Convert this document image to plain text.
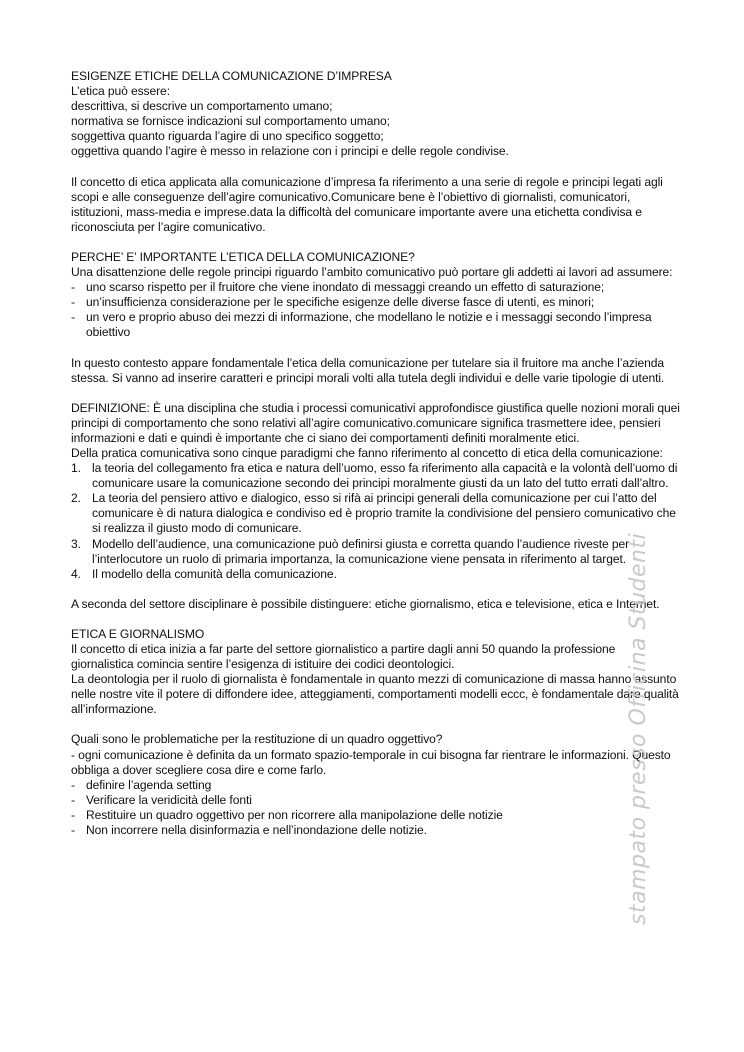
ESIGENZE ETICHE DELLA COMUNICAZIONE D’IMPRESA

L’etica può essere:

descrittiva, si descrive un comportamento umano;

normativa se fornisce indicazioni sul comportamento umano;

soggettiva quanto riguarda l’agire di uno specifico soggetto;

oggettiva quando l’agire è messo in relazione con i principi e delle regole condivise.

Il concetto di etica applicata alla comunicazione d’impresa fa riferimento a una serie di regole e principi legati agli scopi e alle conseguenze dell’agire comunicativo.Comunicare bene è l’obiettivo di giornalisti, comunicatori, istituzioni, mass-media e imprese.data la difficoltà del comunicare importante avere una etichetta condivisa e riconosciuta per l’agire comunicativo.

PERCHE’ E’ IMPORTANTE L’ETICA DELLA COMUNICAZIONE?

Una disattenzione delle regole principi riguardo l’ambito comunicativo può portare gli addetti ai lavori ad assumere:

- uno scarso rispetto per il fruitore che viene inondato di messaggi creando un effetto di saturazione;
- un’insufficienza considerazione per le specifiche esigenze delle diverse fasce di utenti, es minori;
- un vero e proprio abuso dei mezzi di informazione, che modellano le notizie e i messaggi secondo l’impresa obiettivo

In questo contesto appare fondamentale l’etica della comunicazione per tutelare sia il fruitore ma anche l’azienda stessa. Si vanno ad inserire caratteri e principi morali volti alla tutela degli individui e delle varie tipologie di utenti.

DEFINIZIONE: È una disciplina che studia i processi comunicativi approfondisce giustifica quelle nozioni morali quei principi di comportamento che sono relativi all’agire comunicativo.comunicare significa trasmettere idee, pensieri informazioni e dati e quindi è importante che ci siano dei comportamenti definiti moralmente etici.

Della pratica comunicativa sono cinque paradigmi che fanno riferimento al concetto di etica della comunicazione:

1. la teoria del collegamento fra etica e natura dell’uomo, esso fa riferimento alla capacità e la volontà dell’uomo di comunicare usare la comunicazione secondo dei principi moralmente giusti da un lato del tutto errati dall’altro.
2. La teoria del pensiero attivo e dialogico, esso si rifà ai principi generali della comunicazione per cui l’atto del comunicare è di natura dialogica e condiviso ed è proprio tramite la condivisione del pensiero comunicativo che si realizza il giusto modo di comunicare.
3. Modello dell’audience, una comunicazione può definirsi giusta e corretta quando l’audience riveste per l’interlocutore un ruolo di primaria importanza, la comunicazione viene pensata in riferimento al target.
4. Il modello della comunità della comunicazione.

A seconda del settore disciplinare è possibile distinguere: etiche giornalismo, etica e televisione, etica e Internet.

ETICA E GIORNALISMO

Il concetto di etica inizia a far parte del settore giornalistico a partire dagli anni 50 quando la professione giornalistica comincia sentire l’esigenza di istituire dei codici deontologici.

La deontologia per il ruolo di giornalista è fondamentale in quanto mezzi di comunicazione di massa hanno assunto nelle nostre vite il potere di diffondere idee, atteggiamenti, comportamenti modelli eccc, è fondamentale dare qualità all’informazione.

Quali sono le problematiche per la restituzione di un quadro oggettivo?

- ogni comunicazione è definita da un formato spazio-temporale in cui bisogna far rientrare le informazioni. Questo obbliga a dover scegliere cosa dire e come farlo.

- definire l’agenda setting
- Verificare la veridicità delle fonti
- Restituire un quadro oggettivo per non ricorrere alla manipolazione delle notizie
- Non incorrere nella disinformazia e nell’inondazione delle notizie.	stampato presso Officina Studenti
